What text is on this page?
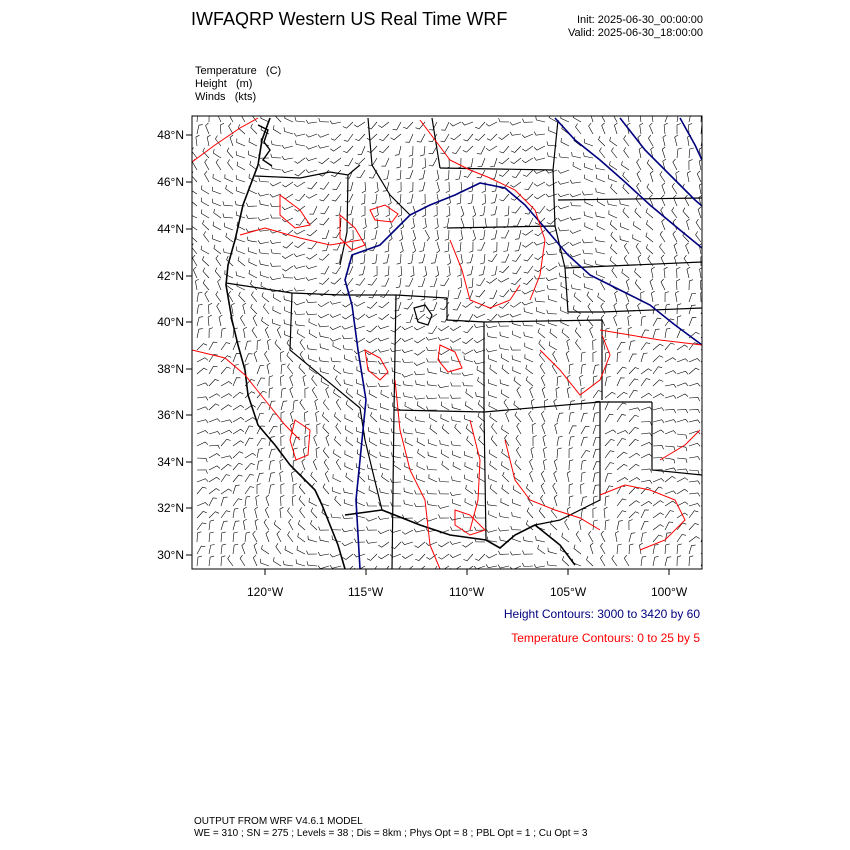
IWFAQRP Western US Real Time WRF	Init: 2025-06-30_00:00:00
Valid: 2025-06-30_18:00:00
Temperature   (C)
Height   (m)
Winds   (kts)
48°N
46°N
44°N
42°N
40°N
38°N
36°N
34°N
32°N
30°N
120°W	115°W	110°W	105°W	100°W
Height Contours: 3000 to 3420 by 60
Temperature Contours: 0 to 25 by 5
OUTPUT FROM WRF V4.6.1 MODEL
WE = 310 ; SN = 275 ; Levels = 38 ; Dis = 8km ; Phys Opt = 8 ; PBL Opt = 1 ; Cu Opt = 3
